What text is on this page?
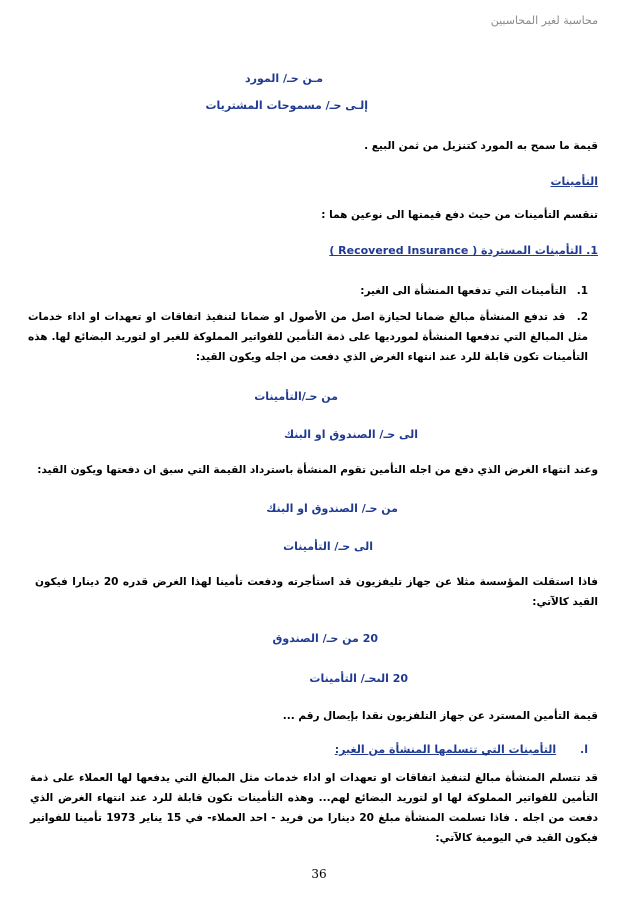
محاسبة لغير المحاسبين
مـن حـ/ المورد
إلـى حـ/ مسموحات المشتريات
قيمة ما سمح به المورد كتنزيل من ثمن البيع .
التأمينات
تنقسم التأمينات من حيث دفع قيمتها الى نوعين هما :
1. التأمينات المستردة ( Recovered Insurance )
1. التأمينات التي تدفعها المنشأة الى الغير:
2. قد تدفع المنشأة مبالغ ضمانا لحيازة اصل من الأصول او ضمانا لتنفيذ اتفاقات او تعهدات او اداء خدمات مثل المبالغ التي تدفعها المنشأة لمورديها على ذمة التأمين للفواتير المملوكة للغير او لتوريد البضائع لها. هذه التأمينات تكون قابلة للرد عند انتهاء الغرض الذي دفعت من اجله ويكون القيد:
من حـ/التأمينات
الى حـ/ الصندوق او البنك
وعند انتهاء الغرض الذي دفع من اجله التأمين تقوم المنشأة باسترداد القيمة التي سبق ان دفعتها ويكون القيد:
من حـ/ الصندوق او البنك
الى حـ/ التأمينات
فاذا استقلت المؤسسة مثلا عن جهاز تليفزيون قد استأجرته ودفعت تأمينا لهذا الغرض قدره 20 دينارا فيكون القيد كالآتي:
20 من حـ/ الصندوق
20 الىحـ/ التأمينات
قيمة التأمين المسترد عن جهاز التلفزيون نقدا بإيصال رقم ...
ا. التأمينات التي تتسلمها المنشأة من الغير:
قد تتسلم المنشأة مبالغ لتنفيذ اتفاقات او تعهدات او اداء خدمات مثل المبالغ التي يدفعها لها العملاء على ذمة التأمين للفواتير المملوكة لها او لتوريد البضائع لهم... وهذه التأمينات تكون قابلة للرد عند انتهاء الغرض الذي دفعت من اجله . فاذا تسلمت المنشأة مبلغ 20 دينارا من فريد - احد العملاء- في 15 يناير 1973 تأمينا للفواتير فيكون القيد في اليومية كالآتي:
36
